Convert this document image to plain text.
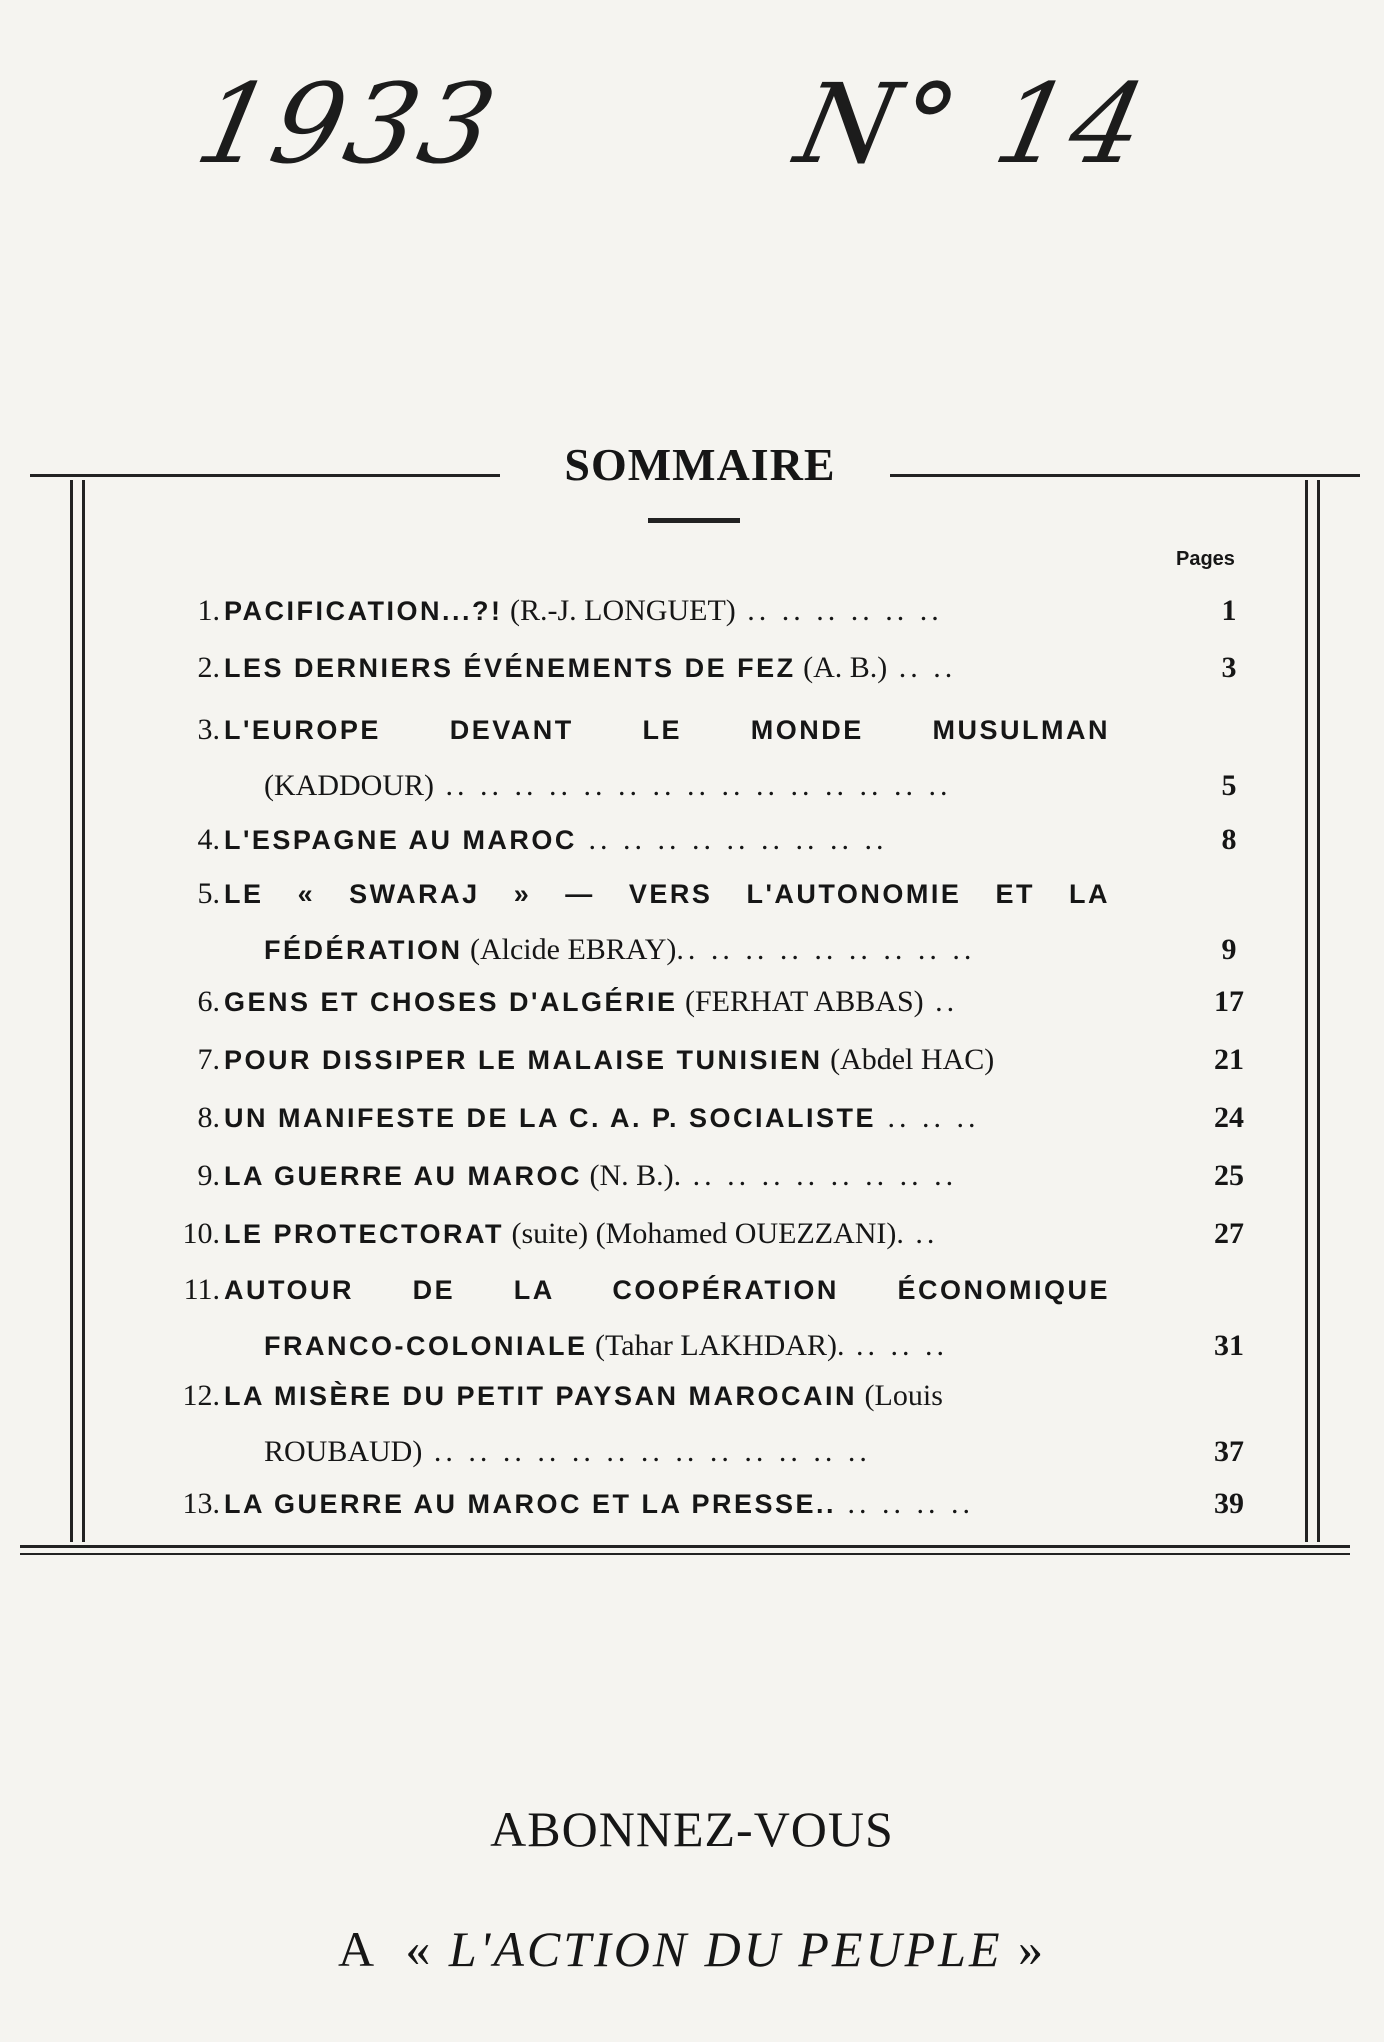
1933	N° 14
SOMMAIRE
Pages
1. PACIFICATION...?! (R.-J. LONGUET) .. .. .. .. .. ..	1
2. LES DERNIERS ÉVÉNEMENTS DE FEZ (A. B.) .. ..	3
3. L'EUROPE DEVANT LE MONDE MUSULMAN
(KADDOUR) .. .. .. .. .. .. .. .. .. .. .. .. .. .. ..	5
4. L'ESPAGNE AU MAROC .. .. .. .. .. .. .. .. ..	8
5. LE « SWARAJ » — VERS L'AUTONOMIE ET LA
FÉDÉRATION (Alcide EBRAY).. .. .. .. .. .. .. .. ..	9
6. GENS ET CHOSES D'ALGÉRIE (FERHAT ABBAS) ..	17
7. POUR DISSIPER LE MALAISE TUNISIEN (Abdel HAC)	21
8. UN MANIFESTE DE LA C. A. P. SOCIALISTE .. .. ..	24
9. LA GUERRE AU MAROC (N. B.). .. .. .. .. .. .. .. ..	25
10. LE PROTECTORAT (suite) (Mohamed OUEZZANI). ..	27
11. AUTOUR DE LA COOPÉRATION ÉCONOMIQUE
FRANCO-COLONIALE (Tahar LAKHDAR). .. .. ..	31
12. LA MISÈRE DU PETIT PAYSAN MAROCAIN (Louis
ROUBAUD) .. .. .. .. .. .. .. .. .. .. .. .. ..	37
13. LA GUERRE AU MAROC ET LA PRESSE.. .. .. .. ..	39
ABONNEZ-VOUS
A « L'ACTION DU PEUPLE »
